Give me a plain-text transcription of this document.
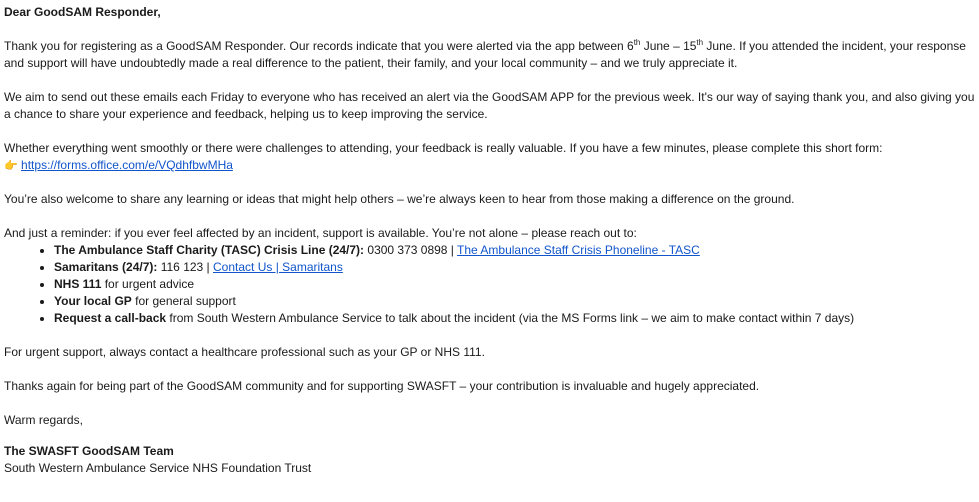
Dear GoodSAM Responder,

Thank you for registering as a GoodSAM Responder. Our records indicate that you were alerted via the app between 6th June – 15th June. If you attended the incident, your response and support will have undoubtedly made a real difference to the patient, their family, and your local community – and we truly appreciate it.

We aim to send out these emails each Friday to everyone who has received an alert via the GoodSAM APP for the previous week. It's our way of saying thank you, and also giving you a chance to share your experience and feedback, helping us to keep improving the service.

Whether everything went smoothly or there were challenges to attending, your feedback is really valuable. If you have a few minutes, please complete this short form:

👉 https://forms.office.com/e/VQdhfbwMHa

You’re also welcome to share any learning or ideas that might help others – we’re always keen to hear from those making a difference on the ground.

And just a reminder: if you ever feel affected by an incident, support is available. You’re not alone – please reach out to:

• The Ambulance Staff Charity (TASC) Crisis Line (24/7): 0300 373 0898 | The Ambulance Staff Crisis Phoneline - TASC
• Samaritans (24/7): 116 123 | Contact Us | Samaritans
• NHS 111 for urgent advice
• Your local GP for general support
• Request a call-back from South Western Ambulance Service to talk about the incident (via the MS Forms link – we aim to make contact within 7 days)

For urgent support, always contact a healthcare professional such as your GP or NHS 111.

Thanks again for being part of the GoodSAM community and for supporting SWASFT – your contribution is invaluable and hugely appreciated.

Warm regards,

The SWASFT GoodSAM Team

South Western Ambulance Service NHS Foundation Trust
